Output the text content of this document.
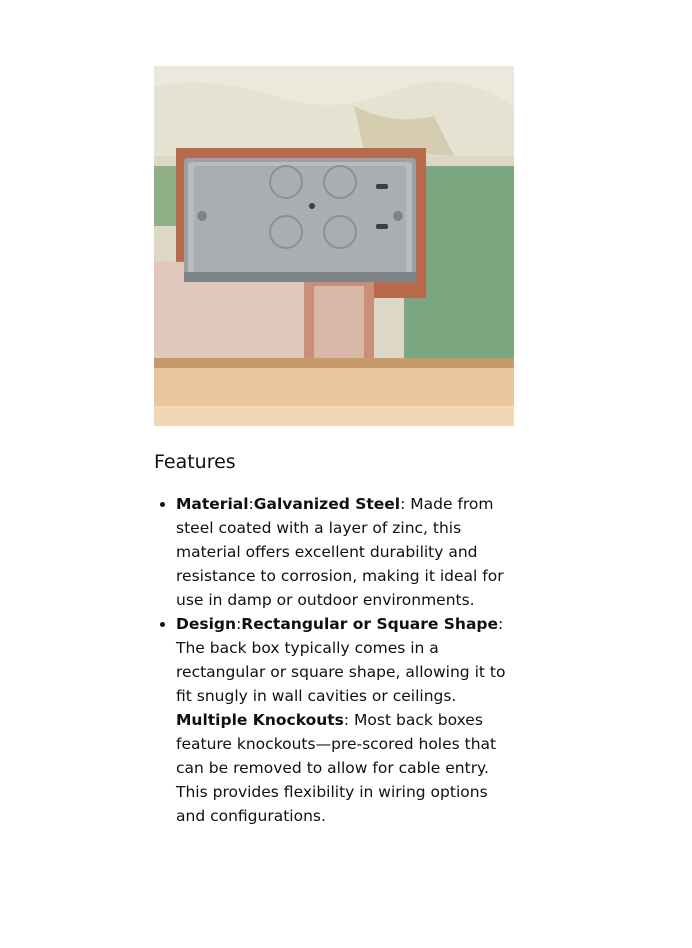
Features
• Material:Galvanized Steel: Made from steel coated with a layer of zinc, this material offers excellent durability and resistance to corrosion, making it ideal for use in damp or outdoor environments.
• Design:Rectangular or Square Shape: The back box typically comes in a rectangular or square shape, allowing it to fit snugly in wall cavities or ceilings. Multiple Knockouts: Most back boxes feature knockouts—pre-scored holes that can be removed to allow for cable entry. This provides flexibility in wiring options and configurations.
